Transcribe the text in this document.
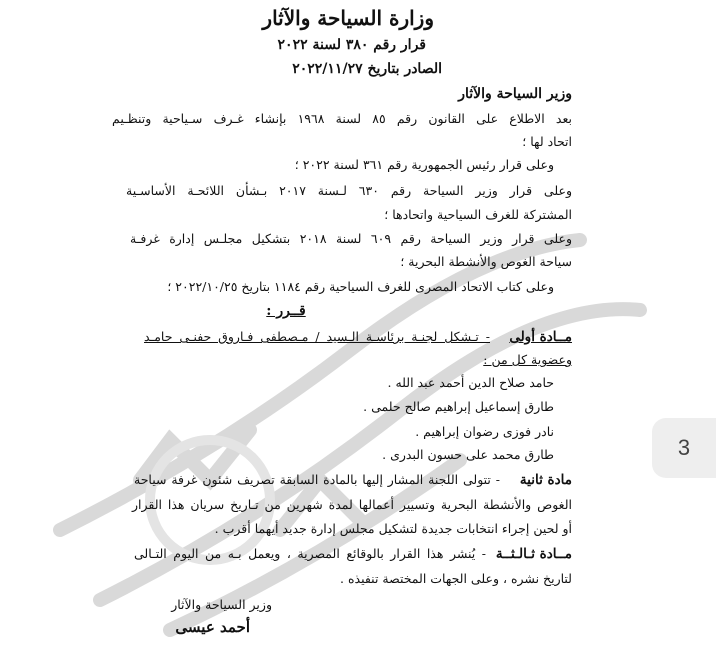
وزارة السياحة والآثار
قرار رقم ٣٨٠ لسنة ٢٠٢٢
الصادر بتاريخ ٢٠٢٢/١١/٢٧
وزير السياحة والآثار
بعد الاطلاع على القانون رقم ٨٥ لسنة ١٩٦٨ بإنشاء غـرف سـياحية وتنظـيم
اتحاد لها ؛
وعلى قرار رئيس الجمهورية رقم ٣٦١ لسنة ٢٠٢٢ ؛
وعلى قرار وزير السياحة رقم ٦٣٠ لـسنة ٢٠١٧ بـشأن اللائحـة الأساسـية
المشتركة للغرف السياحية واتحادها ؛
وعلى قرار وزير السياحة رقم ٦٠٩ لسنة ٢٠١٨ بتشكيل مجلـس إدارة غرفـة
سياحة الغوص والأنشطة البحرية ؛
وعلى كتاب الاتحاد المصرى للغرف السياحية رقم ١١٨٤ بتاريخ ٢٠٢٢/١٠/٢٥ ؛
قــرر :
مــادة أولى
- تـشكل لجنـة برئاسـة الـسيد / مـصطفى فـاروق حفنـى حامـد
وعضوية كل من :
حامد صلاح الدين أحمد عبد الله .
طارق إسماعيل إبراهيم صالح حلمى .
نادر فوزى رضوان إبراهيم .
طارق محمد على حسون البدرى .
مادة ثانية
- تتولى اللجنة المشار إليها بالمادة السابقة تصريف شئون غرفة سياحة
الغوص والأنشطة البحرية وتسيير أعمالها لمدة شهرين من تـاريخ سريان هذا القرار
أو لحين إجراء انتخابات جديدة لتشكيل مجلس إدارة جديد أيهما أقرب .
مــادة ثـالـثــة
- يُنشر هذا القرار بالوقائع المصرية ، ويعمل بـه من اليوم التـالى
لتاريخ نشره ، وعلى الجهات المختصة تنفيذه .
وزير السياحة والآثار
أحمد عيسى
3
